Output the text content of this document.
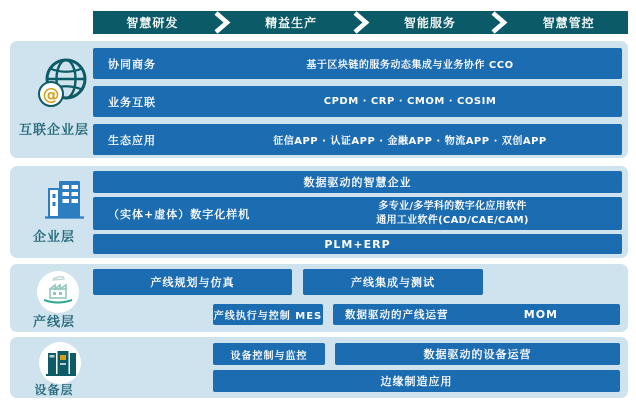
智慧研发	精益生产	智能服务	智慧管控
@
互联企业层
协同商务	基于区块链的服务动态集成与业务协作 CCO
业务互联	CPDM · CRP · CMOM · COSIM
生态应用	征信APP · 认证APP · 金融APP · 物流APP · 双创APP
企业层
数据驱动的智慧企业
（实体+虚体）数字化样机
多专业/多学科的数字化应用软件
通用工业软件(CAD/CAE/CAM)
PLM+ERP
产线层
产线规划与仿真	产线集成与测试
产线执行与控制 MES	数据驱动的产线运营	MOM
设备层
设备控制与监控	数据驱动的设备运营
边缘制造应用
